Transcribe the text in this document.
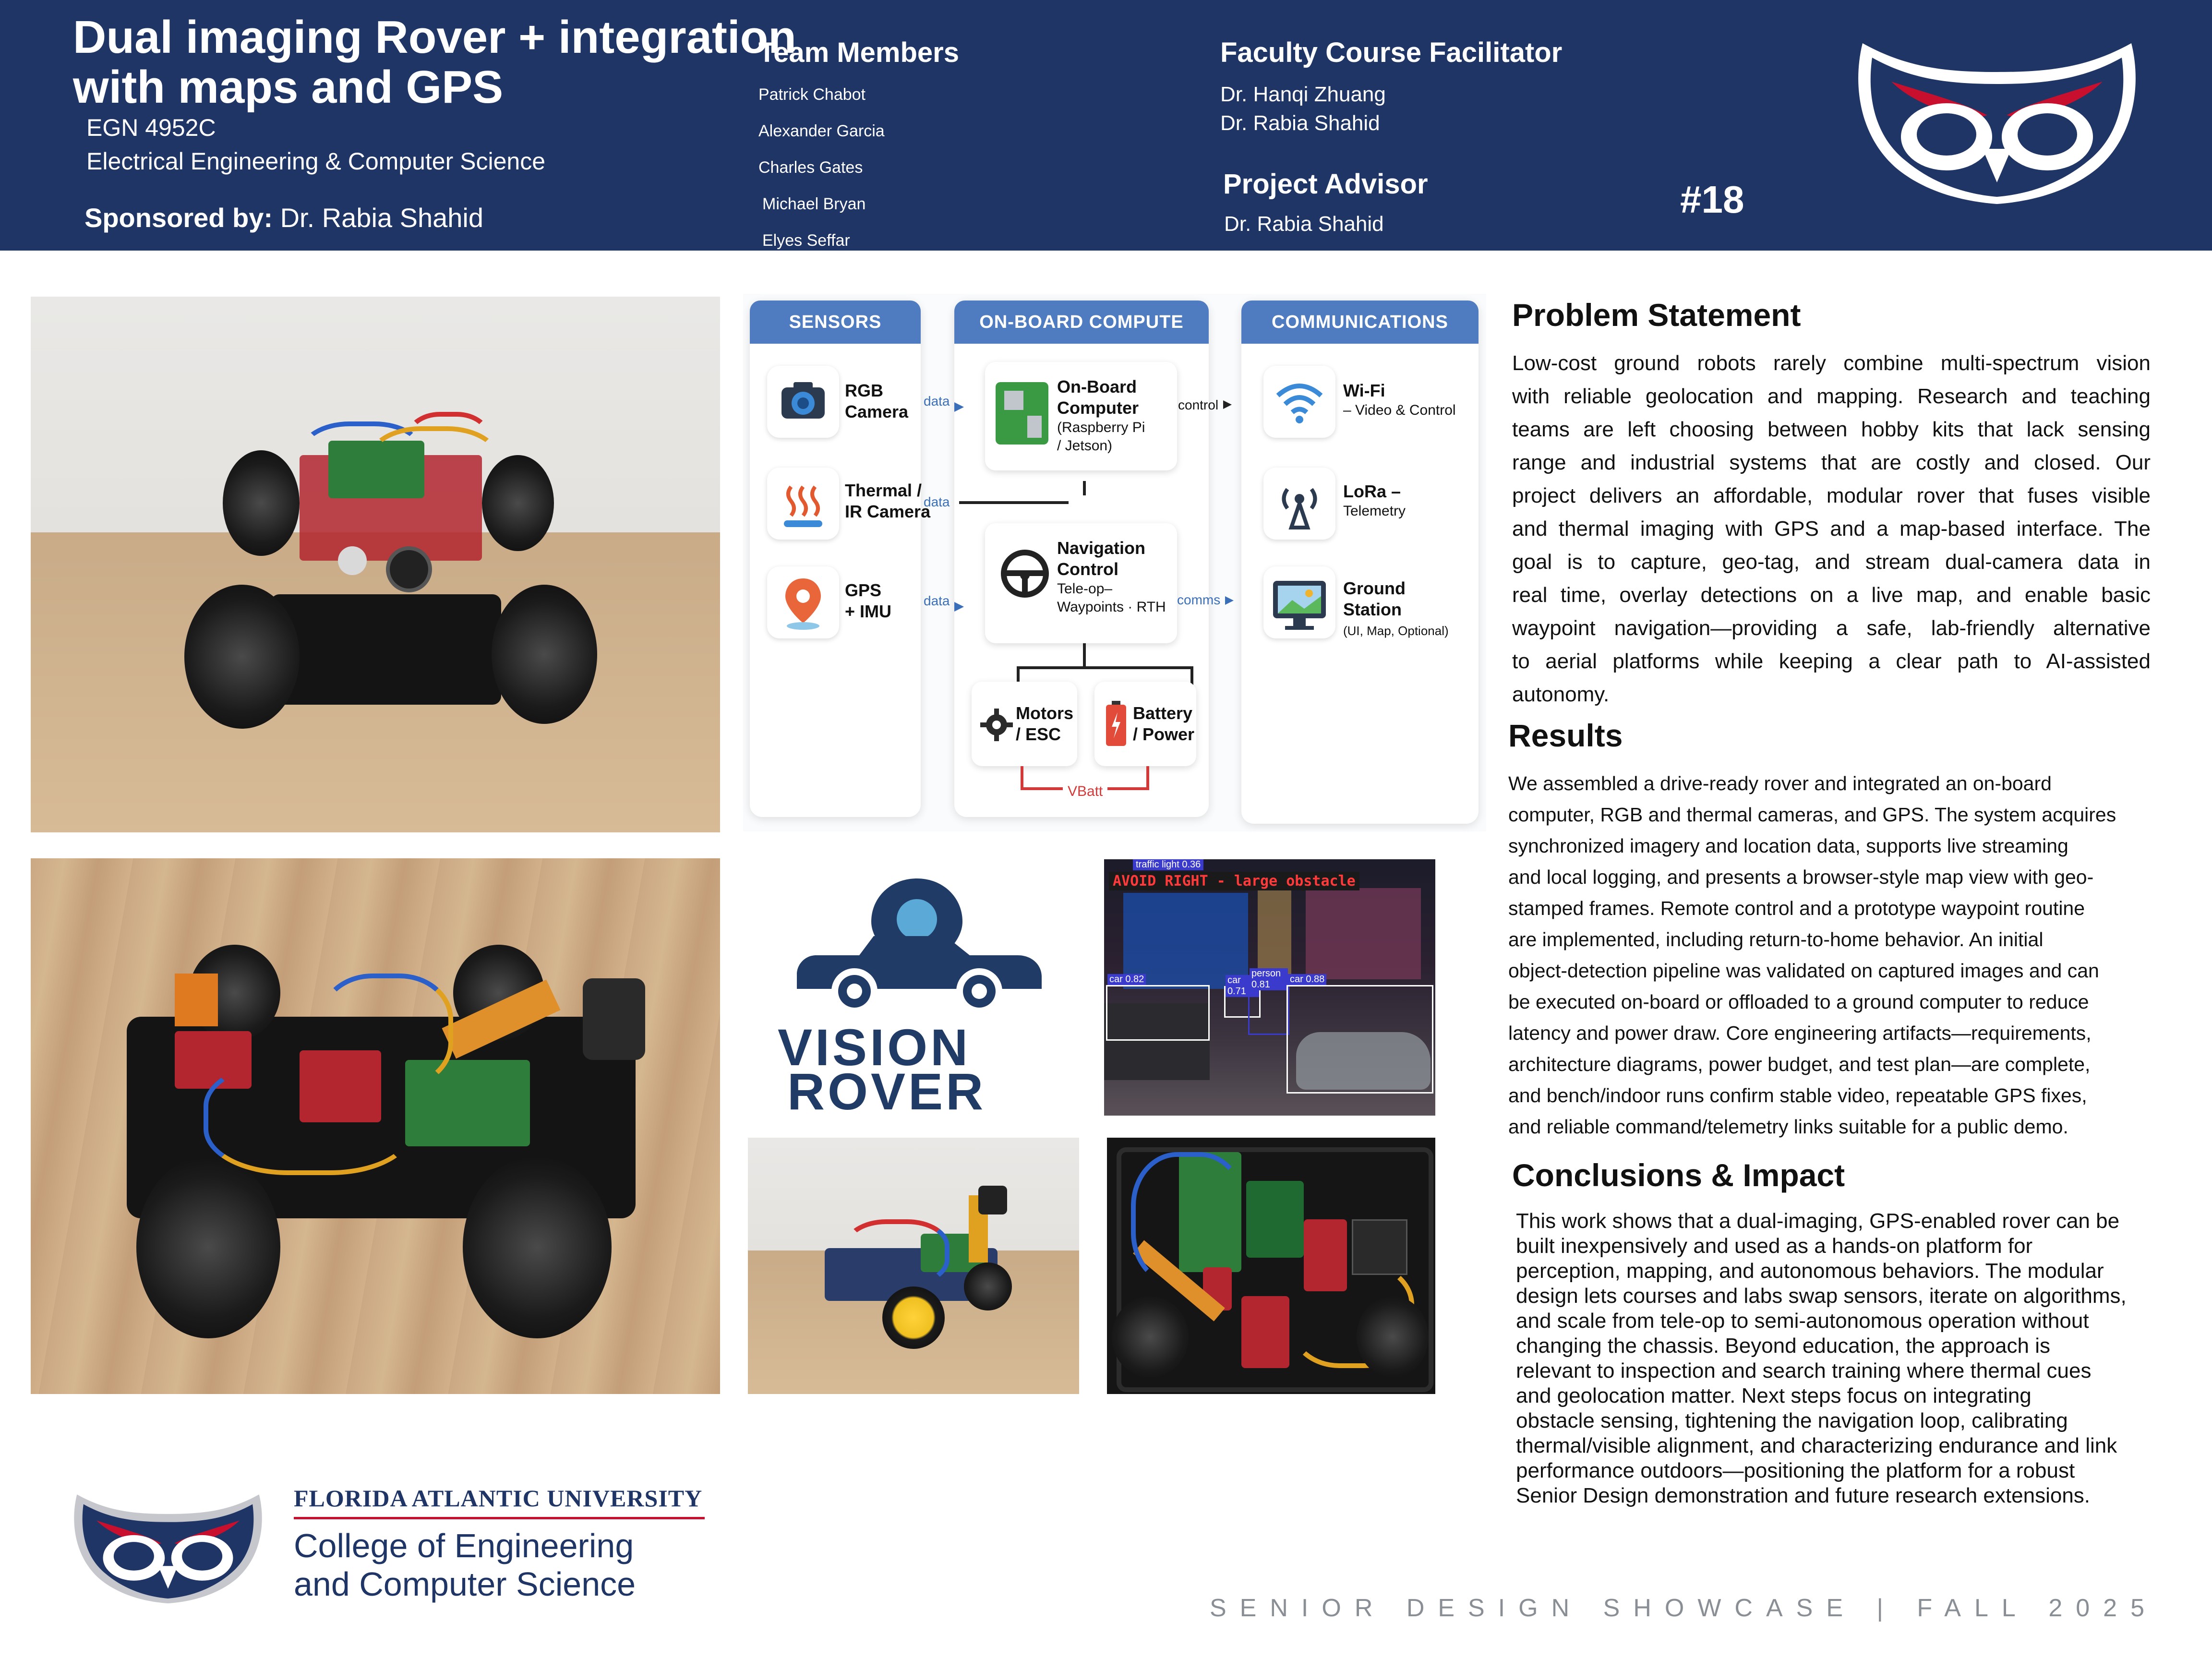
Dual imaging Rover + integration
with maps and GPS
EGN 4952C
Electrical Engineering & Computer Science
Sponsored by: Dr. Rabia Shahid
Team Members
Patrick Chabot
Alexander Garcia
Charles Gates
Michael Bryan
Elyes Seffar
Faculty Course Facilitator
Dr. Hanqi Zhuang
Dr. Rabia Shahid
Project Advisor
Dr. Rabia Shahid
#18
SENSORS	ON-BOARD COMPUTE	COMMUNICATIONS
RGB
Camera
Thermal /
IR Camera
GPS
+ IMU
data
data
data
On-Board
Computer
(Raspberry Pi
/ Jetson)
control
Navigation
Control
Tele-op–
Waypoints · RTH comms
Motors
/ ESC
Battery
/ Power
VBatt
Wi-Fi
– Video & Control
LoRa –
Telemetry
Ground
Station
(UI, Map, Optional)
VISION
ROVER
AVOID RIGHT - large obstacle
traffic light 0.36
car 0.82	car 0.71
person 0.81	car 0.88
Problem Statement
Low-cost ground robots rarely combine multi-spectrum vision
with reliable geolocation and mapping. Research and teaching
teams are left choosing between hobby kits that lack sensing
range and industrial systems that are costly and closed. Our
project delivers an affordable, modular rover that fuses visible
and thermal imaging with GPS and a map-based interface. The
goal is to capture, geo-tag, and stream dual-camera data in
real time, overlay detections on a live map, and enable basic
waypoint navigation—providing a safe, lab-friendly alternative
to aerial platforms while keeping a clear path to AI-assisted
autonomy.
Results
We assembled a drive-ready rover and integrated an on-board
computer, RGB and thermal cameras, and GPS. The system acquires
synchronized imagery and location data, supports live streaming
and local logging, and presents a browser-style map view with geo-
stamped frames. Remote control and a prototype waypoint routine
are implemented, including return-to-home behavior. An initial
object-detection pipeline was validated on captured images and can
be executed on-board or offloaded to a ground computer to reduce
latency and power draw. Core engineering artifacts—requirements,
architecture diagrams, power budget, and test plan—are complete,
and bench/indoor runs confirm stable video, repeatable GPS fixes,
and reliable command/telemetry links suitable for a public demo.
Conclusions & Impact
This work shows that a dual-imaging, GPS-enabled rover can be
built inexpensively and used as a hands-on platform for
perception, mapping, and autonomous behaviors. The modular
design lets courses and labs swap sensors, iterate on algorithms,
and scale from tele-op to semi-autonomous operation without
changing the chassis. Beyond education, the approach is
relevant to inspection and search training where thermal cues
and geolocation matter. Next steps focus on integrating
obstacle sensing, tightening the navigation loop, calibrating
thermal/visible alignment, and characterizing endurance and link
performance outdoors—positioning the platform for a robust
Senior Design demonstration and future research extensions.
FLORIDA ATLANTIC UNIVERSITY
College of Engineering
and Computer Science
SENIOR DESIGN SHOWCASE | FALL 2025
